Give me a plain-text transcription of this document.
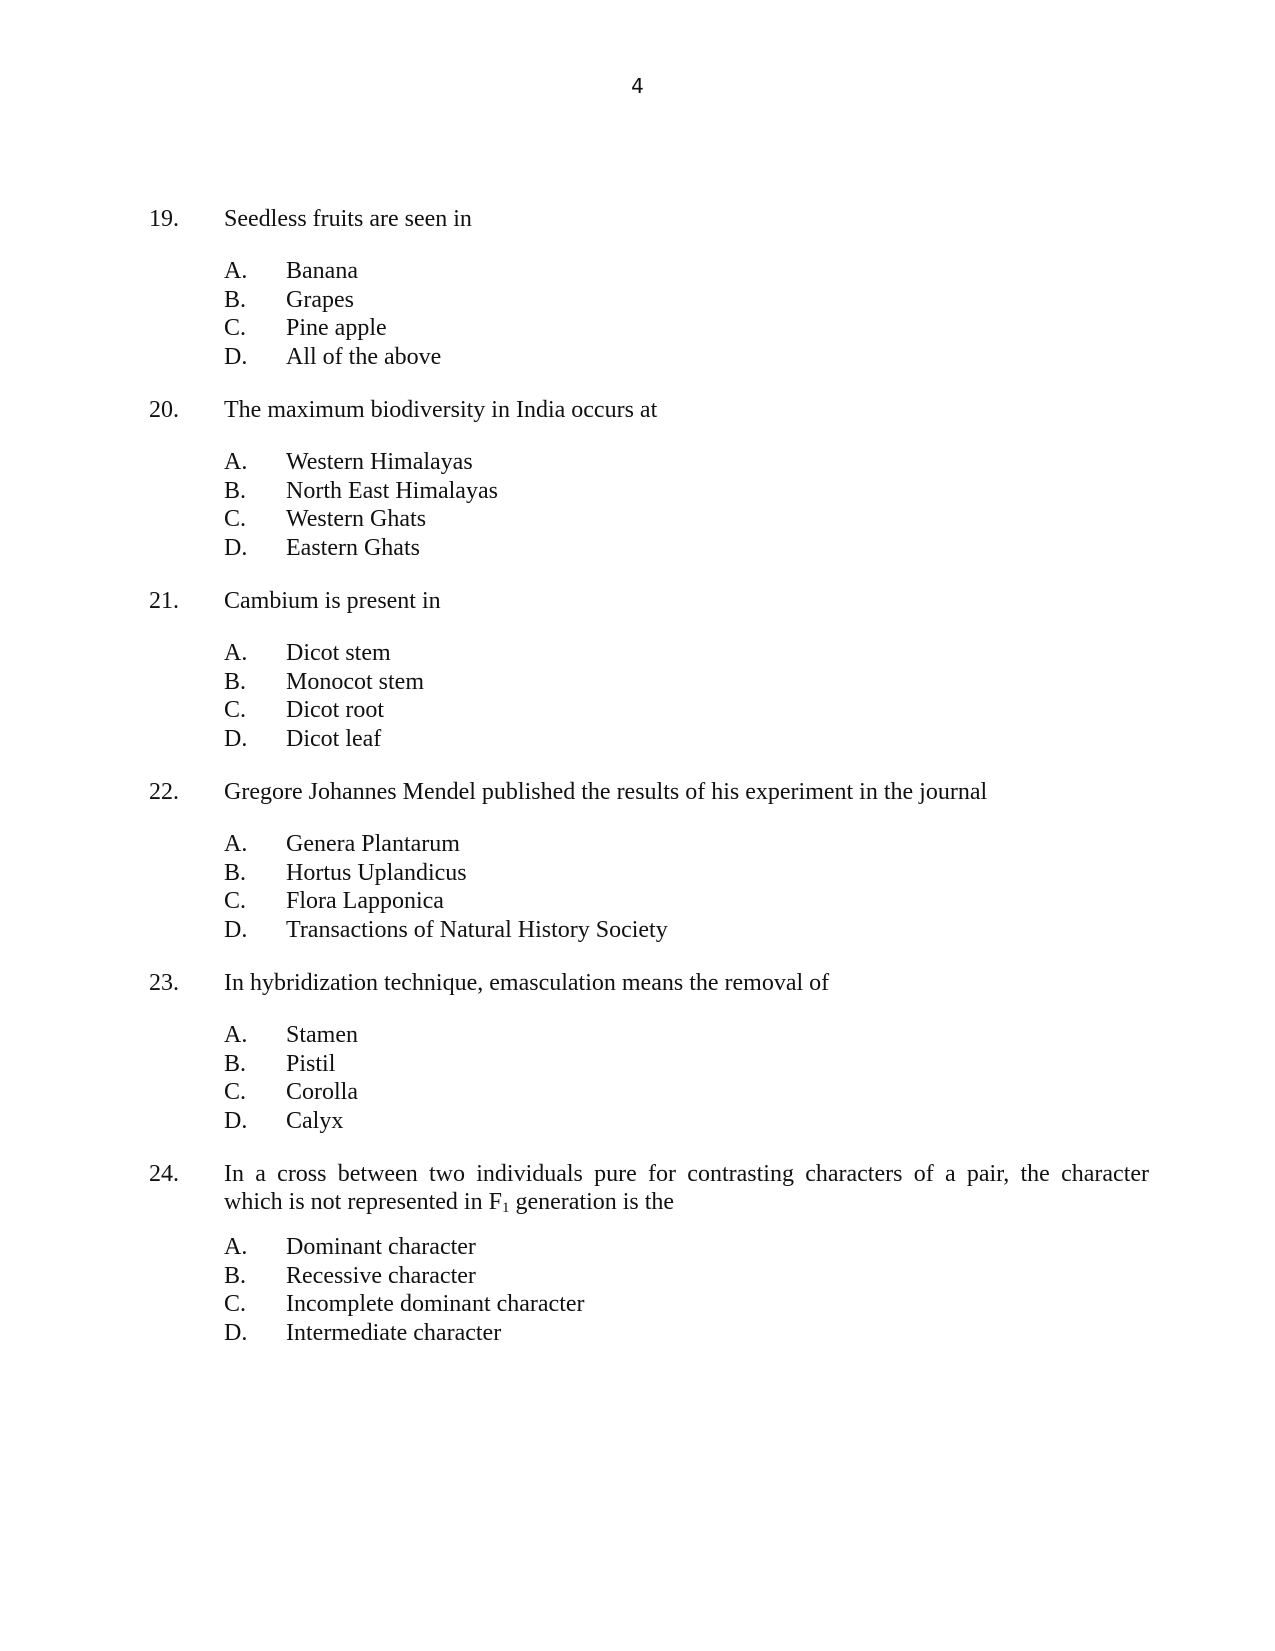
4
19. Seedless fruits are seen in
A. Banana
B. Grapes
C. Pine apple
D. All of the above
20. The maximum biodiversity in India occurs at
A. Western Himalayas
B. North East Himalayas
C. Western Ghats
D. Eastern Ghats
21. Cambium is present in
A. Dicot stem
B. Monocot stem
C. Dicot root
D. Dicot leaf
22. Gregore Johannes Mendel published the results of his experiment in the journal
A. Genera Plantarum
B. Hortus Uplandicus
C. Flora Lapponica
D. Transactions of Natural History Society
23. In hybridization technique, emasculation means the removal of
A. Stamen
B. Pistil
C. Corolla
D. Calyx
24. In a cross between two individuals pure for contrasting characters of a pair, the character
which is not represented in $F_1$ generation is the
A. Dominant character
B. Recessive character
C. Incomplete dominant character
D. Intermediate character
